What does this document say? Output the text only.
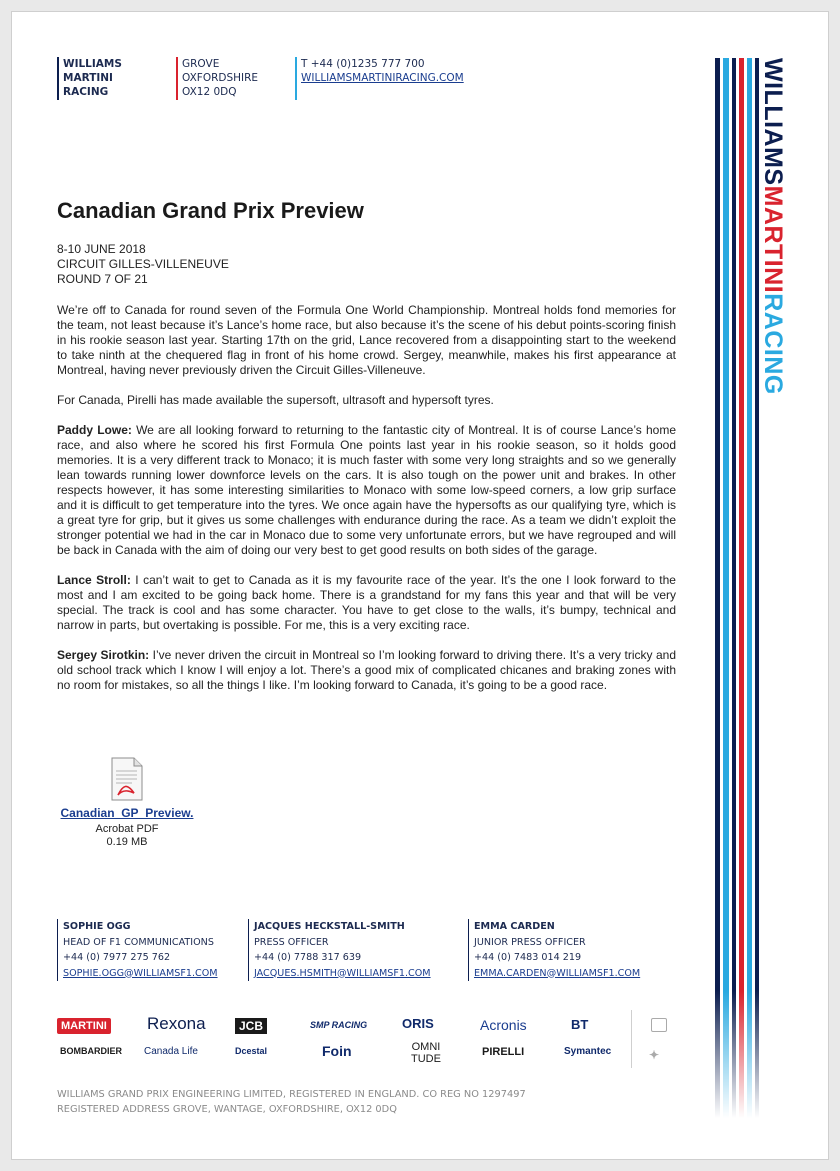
WILLIAMS
MARTINI
RACING
GROVE
OXFORDSHIRE
OX12 0DQ
T +44 (0)1235 777 700
WILLIAMSMARTINIRACING.COM	WILLIAMSMARTINIRACING
Canadian Grand Prix Preview
8-10 JUNE 2018
CIRCUIT GILLES-VILLENEUVE
ROUND 7 OF 21

We’re off to Canada for round seven of the Formula One World Championship. Montreal holds fond memories for the team, not least because it’s Lance’s home race, but also because it’s the scene of his debut points-scoring finish in his rookie season last year. Starting 17th on the grid, Lance recovered from a disappointing start to the weekend to take ninth at the chequered flag in front of his home crowd. Sergey, meanwhile, makes his first appearance at Montreal, having never previously driven the Circuit Gilles-Villeneuve.

For Canada, Pirelli has made available the supersoft, ultrasoft and hypersoft tyres.

Paddy Lowe: We are all looking forward to returning to the fantastic city of Montreal. It is of course Lance’s home race, and also where he scored his first Formula One points last year in his rookie season, so it holds good memories. It is a very different track to Monaco; it is much faster with some very long straights and so we generally lean towards running lower downforce levels on the cars. It is also tough on the power unit and brakes. In other respects however, it has some interesting similarities to Monaco with some low-speed corners, a low grip surface and it is difficult to get temperature into the tyres. We once again have the hypersofts as our qualifying tyre, which is a great tyre for grip, but it gives us some challenges with endurance during the race. As a team we didn’t exploit the stronger potential we had in the car in Monaco due to some very unfortunate errors, but we have regrouped and will be back in Canada with the aim of doing our very best to get good results on both sides of the garage.

Lance Stroll: I can’t wait to get to Canada as it is my favourite race of the year. It’s the one I look forward to the most and I am excited to be going back home. There is a grandstand for my fans this year and that will be very special. The track is cool and has some character. You have to get close to the walls, it’s bumpy, technical and narrow in parts, but overtaking is possible. For me, this is a very exciting race.

Sergey Sirotkin: I’ve never driven the circuit in Montreal so I’m looking forward to driving there. It’s a very tricky and old school track which I know I will enjoy a lot. There’s a good mix of complicated chicanes and braking zones with no room for mistakes, so all the things I like. I’m looking forward to Canada, it’s going to be a good race.

Canadian_GP_Preview.
Acrobat PDF
0.19 MB
SOPHIE OGG
HEAD OF F1 COMMUNICATIONS
+44 (0) 7977 275 762
SOPHIE.OGG@WILLIAMSF1.COM
JACQUES HECKSTALL-SMITH
PRESS OFFICER
+44 (0) 7788 317 639
JACQUES.HSMITH@WILLIAMSF1.COM
EMMA CARDEN
JUNIOR PRESS OFFICER
+44 (0) 7483 014 219
EMMA.CARDEN@WILLIAMSF1.COM
MARTINI Rexona	JCB	SMP RACING	ORIS	Acronis	BT
BOMBARDIER Canada Life	Dcestal	Foin	OMNI TUDE
PIRELLI	Symantec	✦
WILLIAMS GRAND PRIX ENGINEERING LIMITED, REGISTERED IN ENGLAND. CO REG NO 1297497
REGISTERED ADDRESS GROVE, WANTAGE, OXFORDSHIRE, OX12 0DQ
